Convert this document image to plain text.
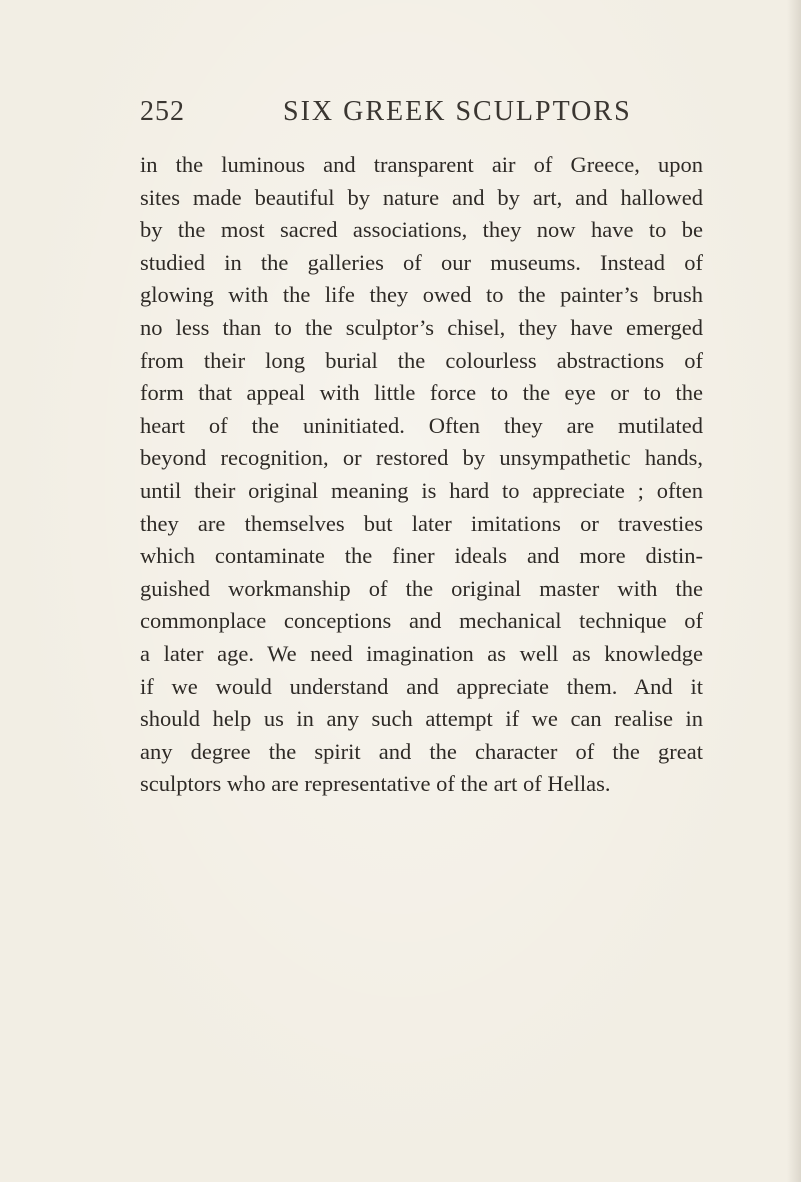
252	SIX GREEK SCULPTORS
in the luminous and transparent air of Greece, upon
sites made beautiful by nature and by art, and hallowed
by the most sacred associations, they now have to be
studied in the galleries of our museums. Instead of
glowing with the life they owed to the painter’s brush
no less than to the sculptor’s chisel, they have emerged
from their long burial the colourless abstractions of
form that appeal with little force to the eye or to the
heart of the uninitiated. Often they are mutilated
beyond recognition, or restored by unsympathetic hands,
until their original meaning is hard to appreciate ; often
they are themselves but later imitations or travesties
which contaminate the finer ideals and more distin-
guished workmanship of the original master with the
commonplace conceptions and mechanical technique of
a later age. We need imagination as well as knowledge
if we would understand and appreciate them. And it
should help us in any such attempt if we can realise in
any degree the spirit and the character of the great
sculptors who are representative of the art of Hellas.
